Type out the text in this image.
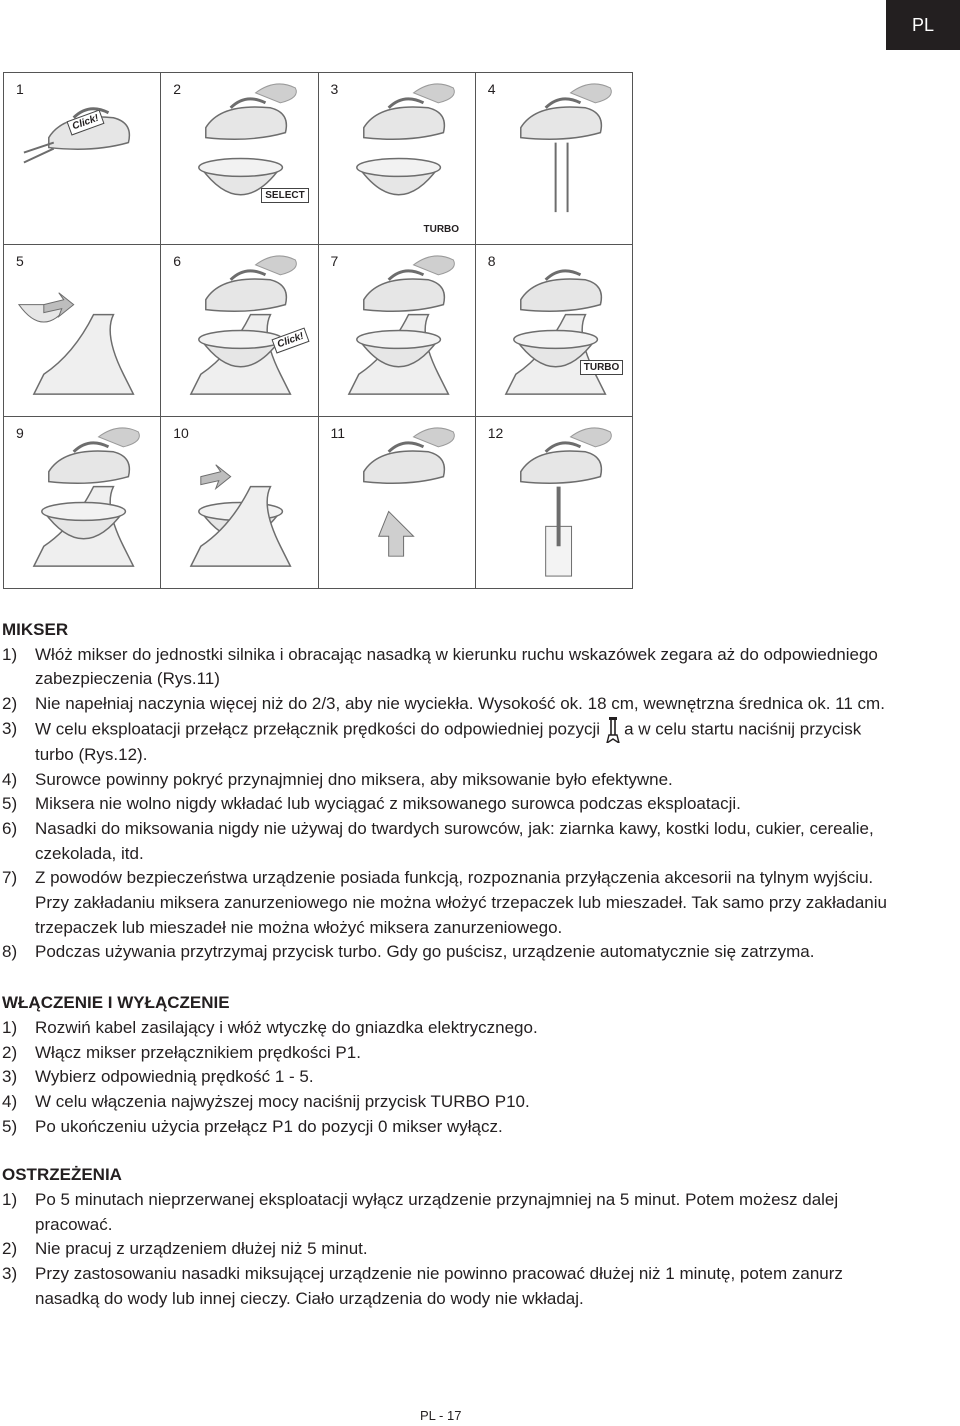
PL
1
Click!
2
SELECT
3
TURBO
4
5	6
Click!
7	8
TURBO
9	10	11	12

MIKSER

1) Włóż mikser do jednostki silnika i obracając nasadką w kierunku ruchu wskazówek zegara aż do odpowiedniego zabezpieczenia (Rys.11)
2) Nie napełniaj naczynia więcej niż do 2/3, aby nie wyciekła. Wysokość ok. 18 cm, wewnętrzna średnica ok. 11 cm.
3) W celu eksploatacji przełącz przełącznik prędkości do odpowiedniej pozycji a w celu startu naciśnij przycisk turbo (Rys.12).
4) Surowce powinny pokryć przynajmniej dno miksera, aby miksowanie było efektywne.
5) Miksera nie wolno nigdy wkładać lub wyciągać z miksowanego surowca podczas eksploatacji.
6) Nasadki do miksowania nigdy nie używaj do twardych surowców, jak: ziarnka kawy, kostki lodu, cukier, cerealie, czekolada, itd.
7) Z powodów bezpieczeństwa urządzenie posiada funkcją, rozpoznania przyłączenia akcesorii na tylnym wyjściu. Przy zakładaniu miksera zanurzeniowego nie można włożyć trzepaczek lub mieszadeł. Tak samo przy zakładaniu trzepaczek lub mieszadeł nie można włożyć miksera zanurzeniowego.
8) Podczas używania przytrzymaj przycisk turbo. Gdy go puścisz, urządzenie automatycznie się zatrzyma.

WŁĄCZENIE I WYŁĄCZENIE

1) Rozwiń kabel zasilający i włóż wtyczkę do gniazdka elektrycznego.
2) Włącz mikser przełącznikiem prędkości P1.
3) Wybierz odpowiednią prędkość 1 - 5.
4) W celu włączenia najwyższej mocy naciśnij przycisk TURBO P10.
5) Po ukończeniu użycia przełącz P1 do pozycji 0 mikser wyłącz.

OSTRZEŻENIA

1) Po 5 minutach nieprzerwanej eksploatacji wyłącz urządzenie przynajmniej na 5 minut. Potem możesz dalej pracować.
2) Nie pracuj z urządzeniem dłużej niż 5 minut.
3) Przy zastosowaniu nasadki miksującej urządzenie nie powinno pracować dłużej niż 1 minutę, potem zanurz nasadką do wody lub innej cieczy. Ciało urządzenia do wody nie wkładaj.
PL - 17
